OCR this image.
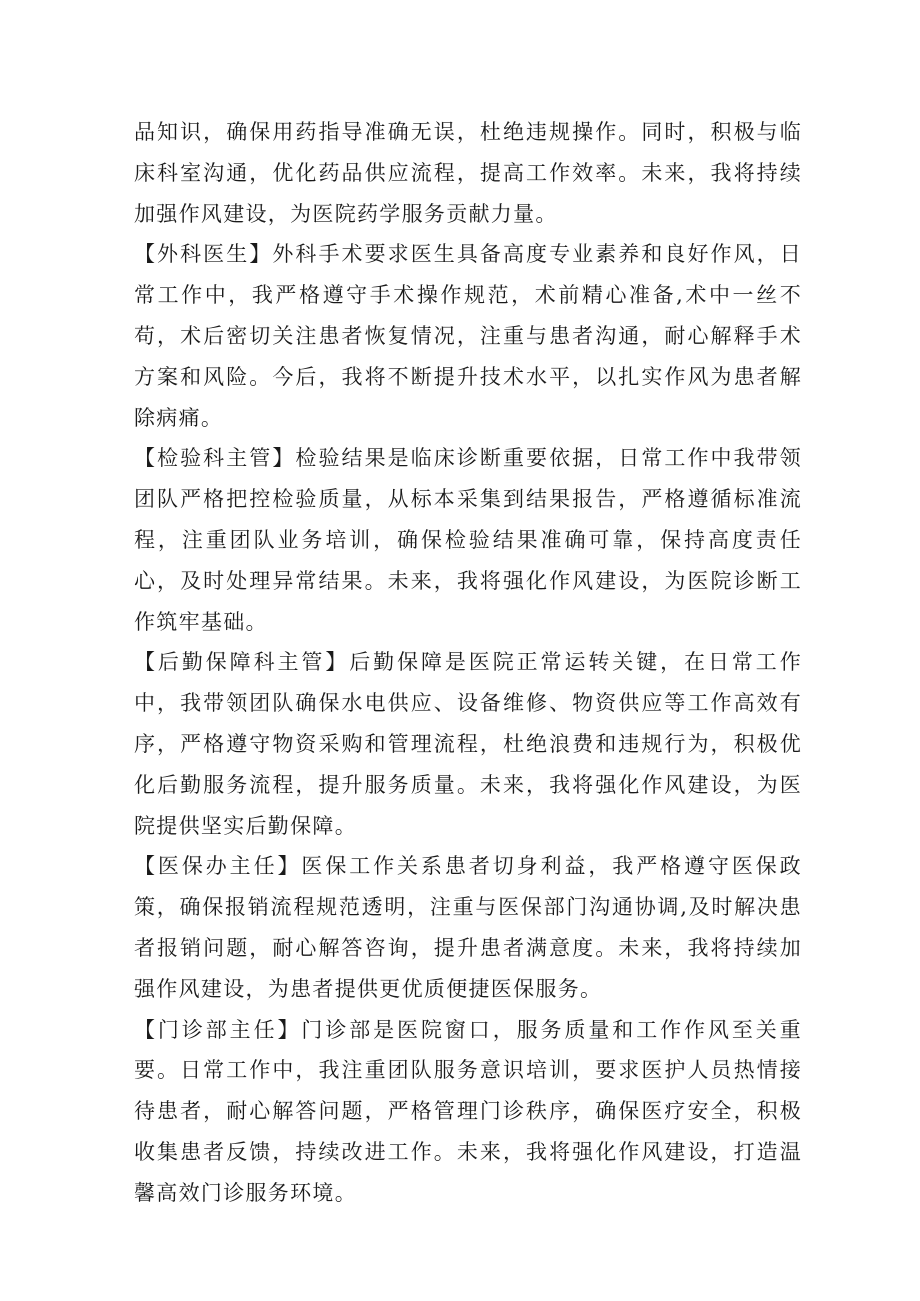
品知识，确保用药指导准确无误，杜绝违规操作。同时，积极与临床科室沟通，优化药品供应流程，提高工作效率。未来，我将持续加强作风建设，为医院药学服务贡献力量。

【外科医生】外科手术要求医生具备高度专业素养和良好作风，日常工作中，我严格遵守手术操作规范，术前精心准备,术中一丝不苟，术后密切关注患者恢复情况，注重与患者沟通，耐心解释手术方案和风险。今后，我将不断提升技术水平，以扎实作风为患者解除病痛。

【检验科主管】检验结果是临床诊断重要依据，日常工作中我带领团队严格把控检验质量，从标本采集到结果报告，严格遵循标准流程，注重团队业务培训，确保检验结果准确可靠，保持高度责任心，及时处理异常结果。未来，我将强化作风建设，为医院诊断工作筑牢基础。

【后勤保障科主管】后勤保障是医院正常运转关键，在日常工作中，我带领团队确保水电供应、设备维修、物资供应等工作高效有序，严格遵守物资采购和管理流程，杜绝浪费和违规行为，积极优化后勤服务流程，提升服务质量。未来，我将强化作风建设，为医院提供坚实后勤保障。

【医保办主任】医保工作关系患者切身利益，我严格遵守医保政策，确保报销流程规范透明，注重与医保部门沟通协调,及时解决患者报销问题，耐心解答咨询，提升患者满意度。未来，我将持续加强作风建设，为患者提供更优质便捷医保服务。

【门诊部主任】门诊部是医院窗口，服务质量和工作作风至关重要。日常工作中，我注重团队服务意识培训，要求医护人员热情接待患者，耐心解答问题，严格管理门诊秩序，确保医疗安全，积极收集患者反馈，持续改进工作。未来，我将强化作风建设，打造温馨高效门诊服务环境。
